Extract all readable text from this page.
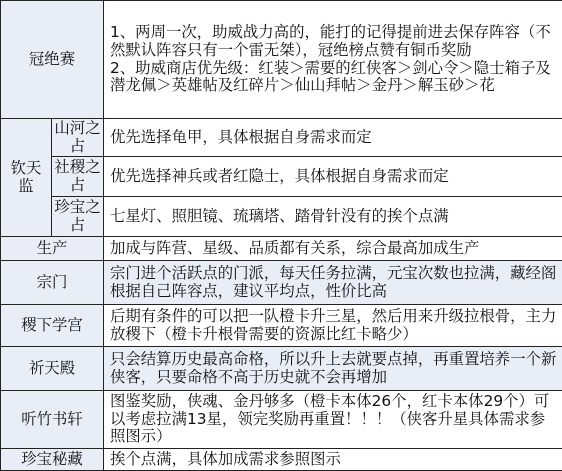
冠绝赛		1、两周一次，助威战力高的，能打的记得提前进去保存阵容（不然默认阵容只有一个雷无桀），冠绝榜点赞有铜币奖励
2、助威商店优先级：红装＞需要的红侠客＞剑心令＞隐士箱子及潜龙佩＞英雄帖及红碎片＞仙山拜帖＞金丹＞解玉砂＞花
钦天监	山河之占	优先选择龟甲，具体根据自身需求而定
	社稷之占	优先选择神兵或者红隐士，具体根据自身需求而定
	珍宝之占	七星灯、照胆镜、琉璃塔、踏骨针没有的挨个点满
生产		加成与阵营、星级、品质都有关系，综合最高加成生产
宗门		宗门进个活跃点的门派，每天任务拉满，元宝次数也拉满，藏经阁根据自己阵容点，建议平均点，性价比高
稷下学宫		后期有条件的可以把一队橙卡升三星，然后用来升级拉根骨，主力放稷下（橙卡升根骨需要的资源比红卡略少）
祈天殿		只会结算历史最高命格，所以升上去就要点掉，再重置培养一个新侠客，只要命格不高于历史就不会再增加
听竹书轩		图鉴奖励，侠魂、金丹够多（橙卡本体26个，红卡本体29个）可以考虑拉满13星，领完奖励再重置！！！（侠客升星具体需求参照图示）
珍宝秘藏		挨个点满，具体加成需求参照图示
